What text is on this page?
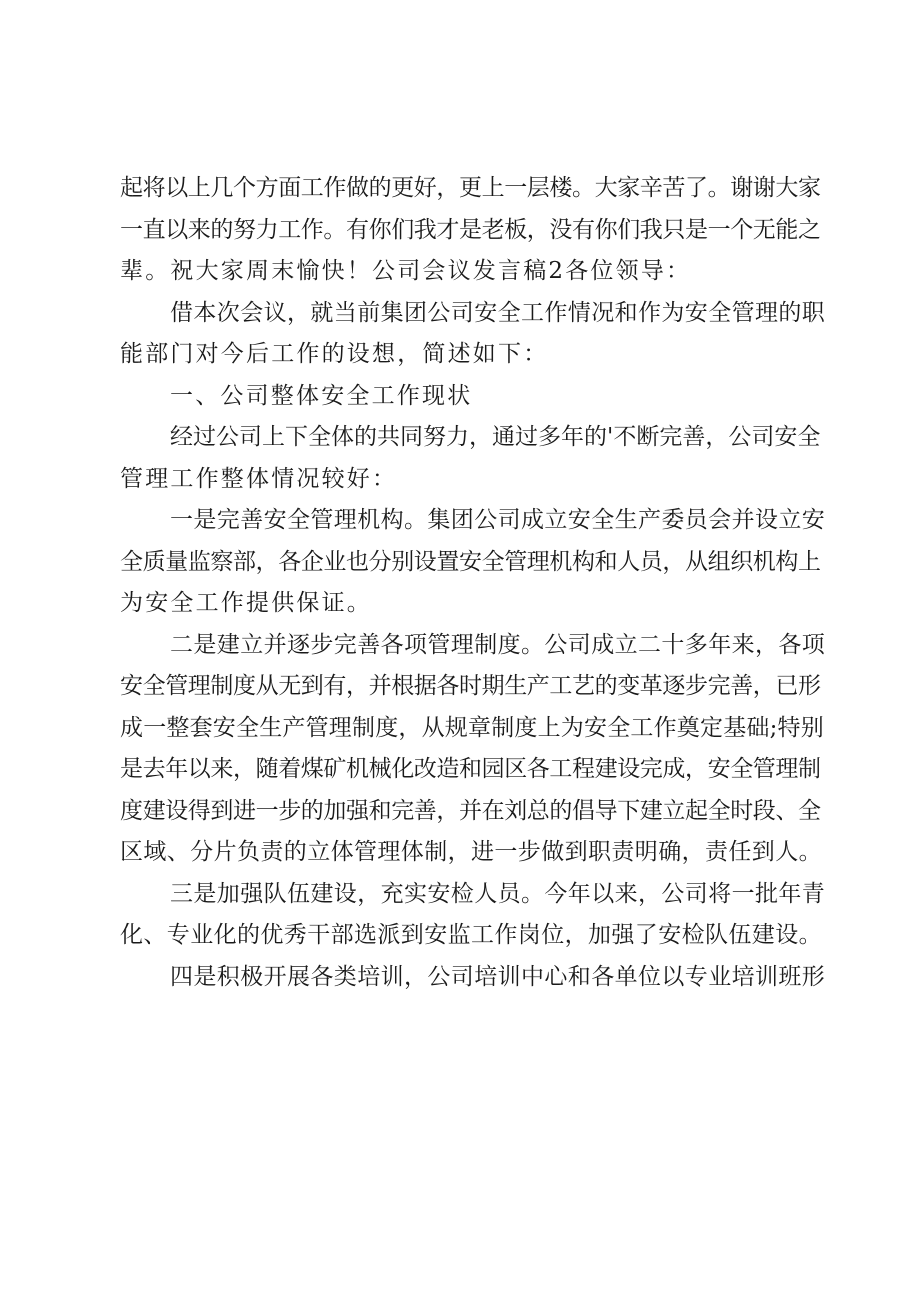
起将以上几个方面工作做的更好，更上一层楼。大家辛苦了。谢谢大家
一直以来的努力工作。有你们我才是老板，没有你们我只是一个无能之
辈。祝大家周末愉快！公司会议发言稿2各位领导：
借本次会议，就当前集团公司安全工作情况和作为安全管理的职
能部门对今后工作的设想，简述如下：
一、公司整体安全工作现状
经过公司上下全体的共同努力，通过多年的'不断完善，公司安全
管理工作整体情况较好：
一是完善安全管理机构。集团公司成立安全生产委员会并设立安
全质量监察部，各企业也分别设置安全管理机构和人员，从组织机构上
为安全工作提供保证。
二是建立并逐步完善各项管理制度。公司成立二十多年来，各项
安全管理制度从无到有，并根据各时期生产工艺的变革逐步完善，已形
成一整套安全生产管理制度，从规章制度上为安全工作奠定基础;特别
是去年以来，随着煤矿机械化改造和园区各工程建设完成，安全管理制
度建设得到进一步的加强和完善，并在刘总的倡导下建立起全时段、全
区域、分片负责的立体管理体制，进一步做到职责明确，责任到人。
三是加强队伍建设，充实安检人员。今年以来，公司将一批年青
化、专业化的优秀干部选派到安监工作岗位，加强了安检队伍建设。
四是积极开展各类培训，公司培训中心和各单位以专业培训班形
